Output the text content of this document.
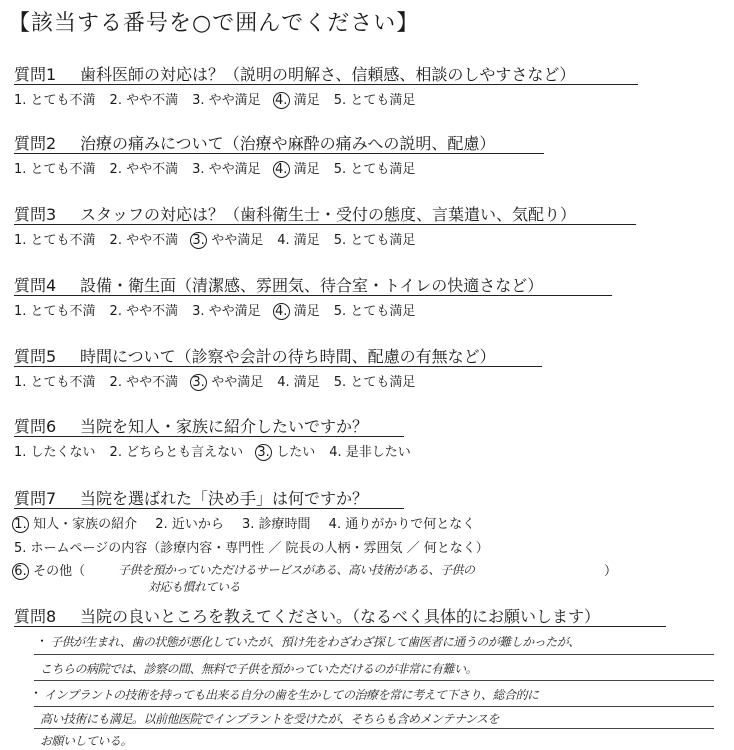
【該当する番号を○で囲んでください】
質問1 歯科医師の対応は？（説明の明解さ、信頼感、相談のしやすさなど）
1. とても不満 2. やや不満 3. やや満足 4. 満足 5. とても満足
質問2 治療の痛みについて（治療や麻酔の痛みへの説明、配慮）
1. とても不満 2. やや不満 3. やや満足 4. 満足 5. とても満足
質問3 スタッフの対応は？（歯科衛生士・受付の態度、言葉遣い、気配り）
1. とても不満 2. やや不満 3. やや満足 4. 満足 5. とても満足
質問4 設備・衛生面（清潔感、雰囲気、待合室・トイレの快適さなど）
1. とても不満 2. やや不満 3. やや満足 4. 満足 5. とても満足
質問5 時間について（診察や会計の待ち時間、配慮の有無など）
1. とても不満 2. やや不満 3. やや満足 4. 満足 5. とても満足
質問6 当院を知人・家族に紹介したいですか？
1. したくない 2. どちらとも言えない 3. したい 4. 是非したい
質問7 当院を選ばれた「決め手」は何ですか？
1. 知人・家族の紹介 2. 近いから 3. 診療時間 4. 通りがかりで何となく
5. ホームページの内容（診療内容・専門性 ／ 院長の人柄・雰囲気 ／ 何となく）
6. その他（	子供を預かっていただけるサービスがある、高い技術がある、子供の	）
対応も慣れている
質問8 当院の良いところを教えてください。（なるべく具体的にお願いします）
・ 子供が生まれ、歯の状態が悪化していたが、預け先をわざわざ探して歯医者に通うのが難しかったが、
こちらの病院では、診察の間、無料で子供を預かっていただけるのが非常に有難い。
・ インプラントの技術を持っても出来る自分の歯を生かしての治療を常に考えて下さり、総合的に
高い技術にも満足。以前他医院でインプラントを受けたが、そちらも含めメンテナンスを
お願いしている。
